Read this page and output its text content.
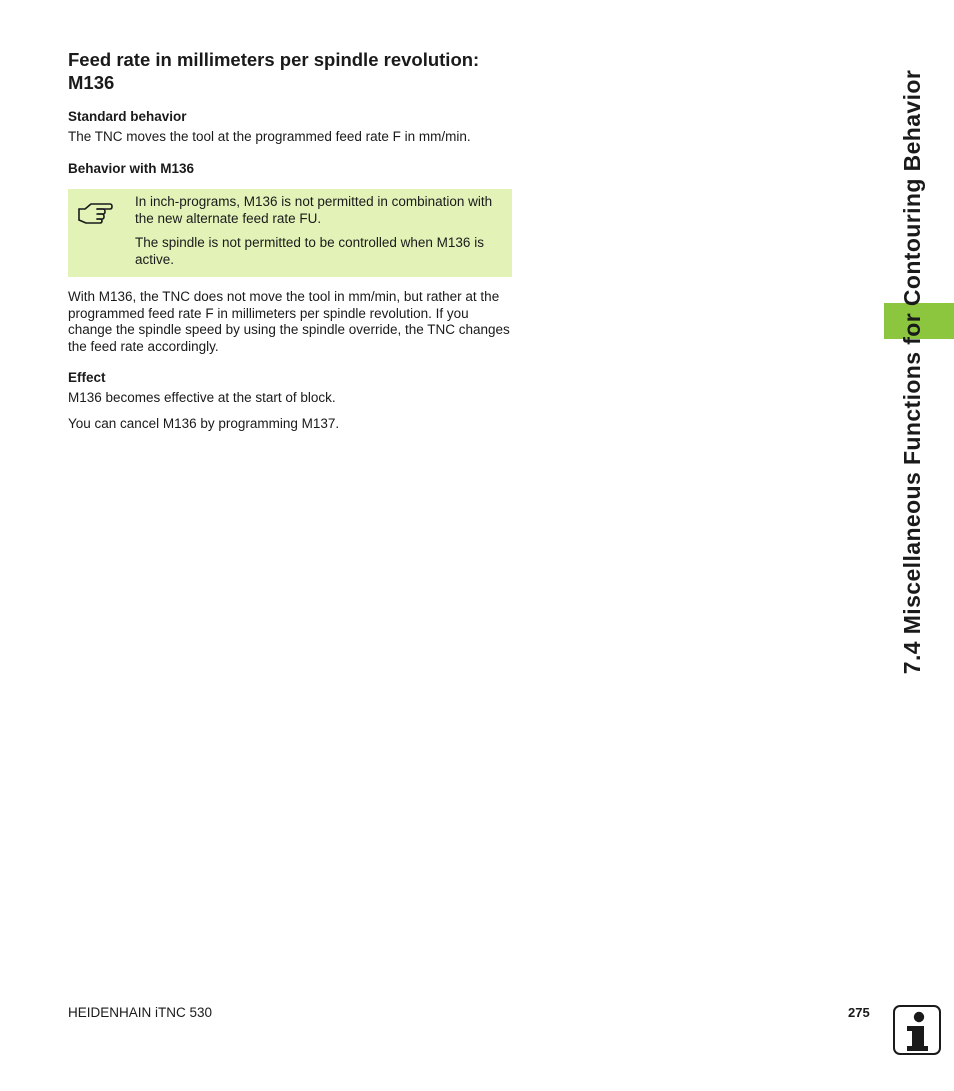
7.4 Miscellaneous Functions for Contouring Behavior
Feed rate in millimeters per spindle revolution: M136
Standard behavior
The TNC moves the tool at the programmed feed rate F in mm/min.
Behavior with M136
In inch-programs, M136 is not permitted in combination with the new alternate feed rate FU.
The spindle is not permitted to be controlled when M136 is active.
With M136, the TNC does not move the tool in mm/min, but rather at the programmed feed rate F in millimeters per spindle revolution. If you change the spindle speed by using the spindle override, the TNC changes the feed rate accordingly.
Effect
M136 becomes effective at the start of block.
You can cancel M136 by programming M137.
HEIDENHAIN iTNC 530	275
